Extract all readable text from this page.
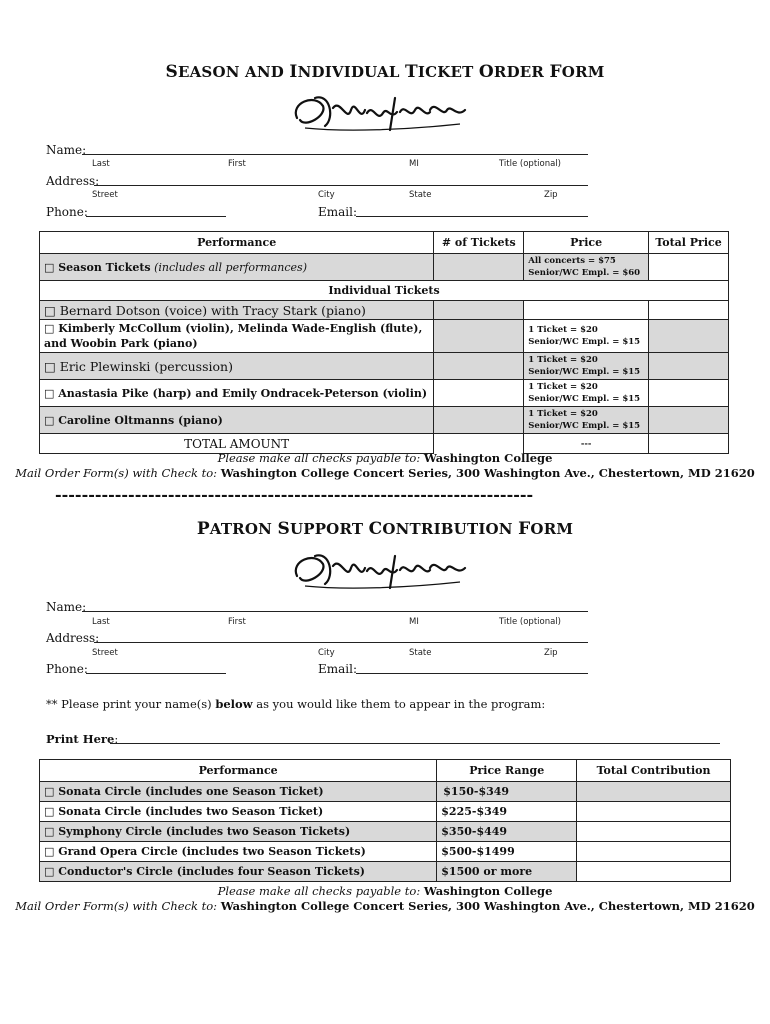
SEASON AND INDIVIDUAL TICKET ORDER FORM
Name:
Last	First	MI	Title (optional)
Address:
Street	City	State	Zip
Phone:	Email:
Performance	# of Tickets	Price	Total Price
□ Season Tickets (includes all performances)		All concerts = $75
Senior/WC Empl. = $60	

Individual Tickets			
□ Bernard Dotson (voice) with Tracy Stark (piano)		

□ Kimberly McCollum (violin), Melinda Wade-English (flute), and Woobin Park (piano)		1 Ticket = $20
Senior/WC Empl. = $15	

□ Eric Plewinski (percussion)		1 Ticket = $20
Senior/WC Empl. = $15	

□ Anastasia Pike (harp) and Emily Ondracek-Peterson (violin)		1 Ticket = $20
Senior/WC Empl. = $15	

□ Caroline Oltmanns (piano)		1 Ticket = $20
Senior/WC Empl. = $15	

TOTAL AMOUNT		---	
Please make all checks payable to: Washington College
Mail Order Form(s) with Check to: Washington College Concert Series, 300 Washington Ave., Chestertown, MD 21620
------------------------------------------------------------------------
PATRON SUPPORT CONTRIBUTION FORM
Name:
Last	First	MI	Title (optional)
Address:
Street	City	State	Zip
Phone:	Email:
** Please print your name(s) below as you would like them to appear in the program:
Print Here:
Performance	Price Range	Total Contribution
□ Sonata Circle (includes one Season Ticket)	$150-$349	
□ Sonata Circle (includes two Season Ticket)	$225-$349	
□ Symphony Circle (includes two Season Tickets)	$350-$449	
□ Grand Opera Circle (includes two Season Tickets)	$500-$1499	
□ Conductor's Circle (includes four Season Tickets)	$1500 or more	
Please make all checks payable to: Washington College
Mail Order Form(s) with Check to: Washington College Concert Series, 300 Washington Ave., Chestertown, MD 21620
